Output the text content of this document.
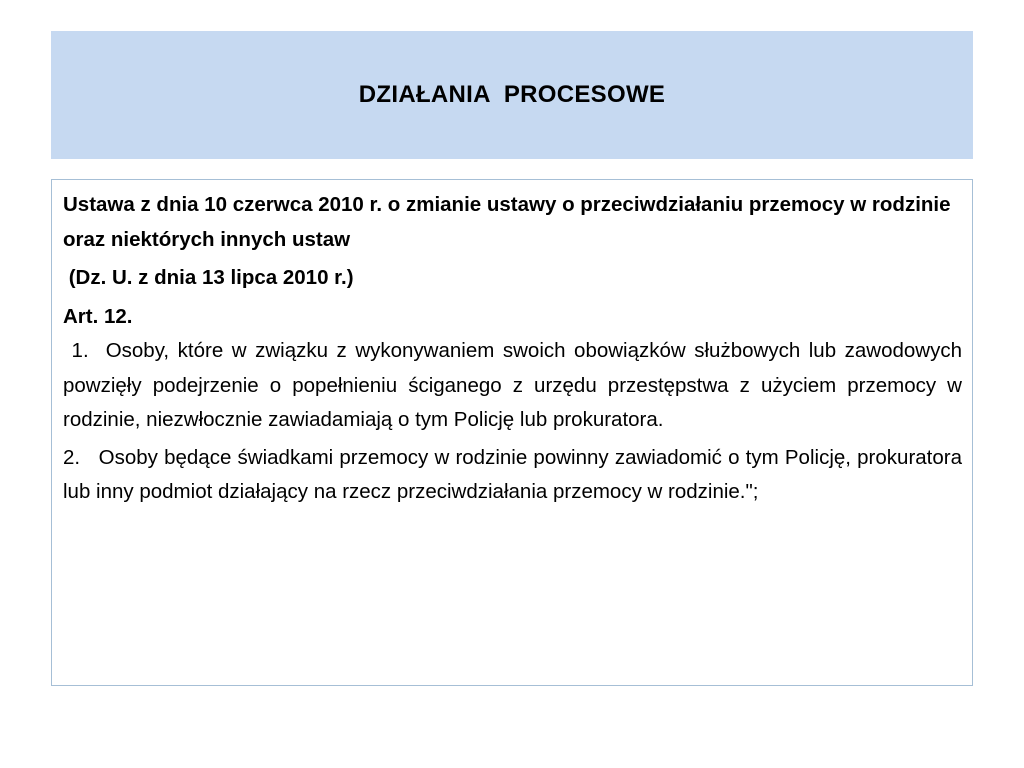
DZIAŁANIA  PROCESOWE

Ustawa z dnia 10 czerwca 2010 r. o zmianie ustawy o przeciwdziałaniu przemocy w rodzinie oraz niektórych innych ustaw

(Dz. U. z dnia 13 lipca 2010 r.)

Art. 12.

1.  Osoby, które w związku z wykonywaniem swoich obowiązków służbowych lub zawodowych powzięły podejrzenie o popełnieniu ściganego z urzędu przestępstwa z użyciem przemocy w rodzinie, niezwłocznie zawiadamiają o tym Policję lub prokuratora.

2.   Osoby będące świadkami przemocy w rodzinie powinny zawiadomić o tym Policję, prokuratora lub inny podmiot działający na rzecz przeciwdziałania przemocy w rodzinie.";
